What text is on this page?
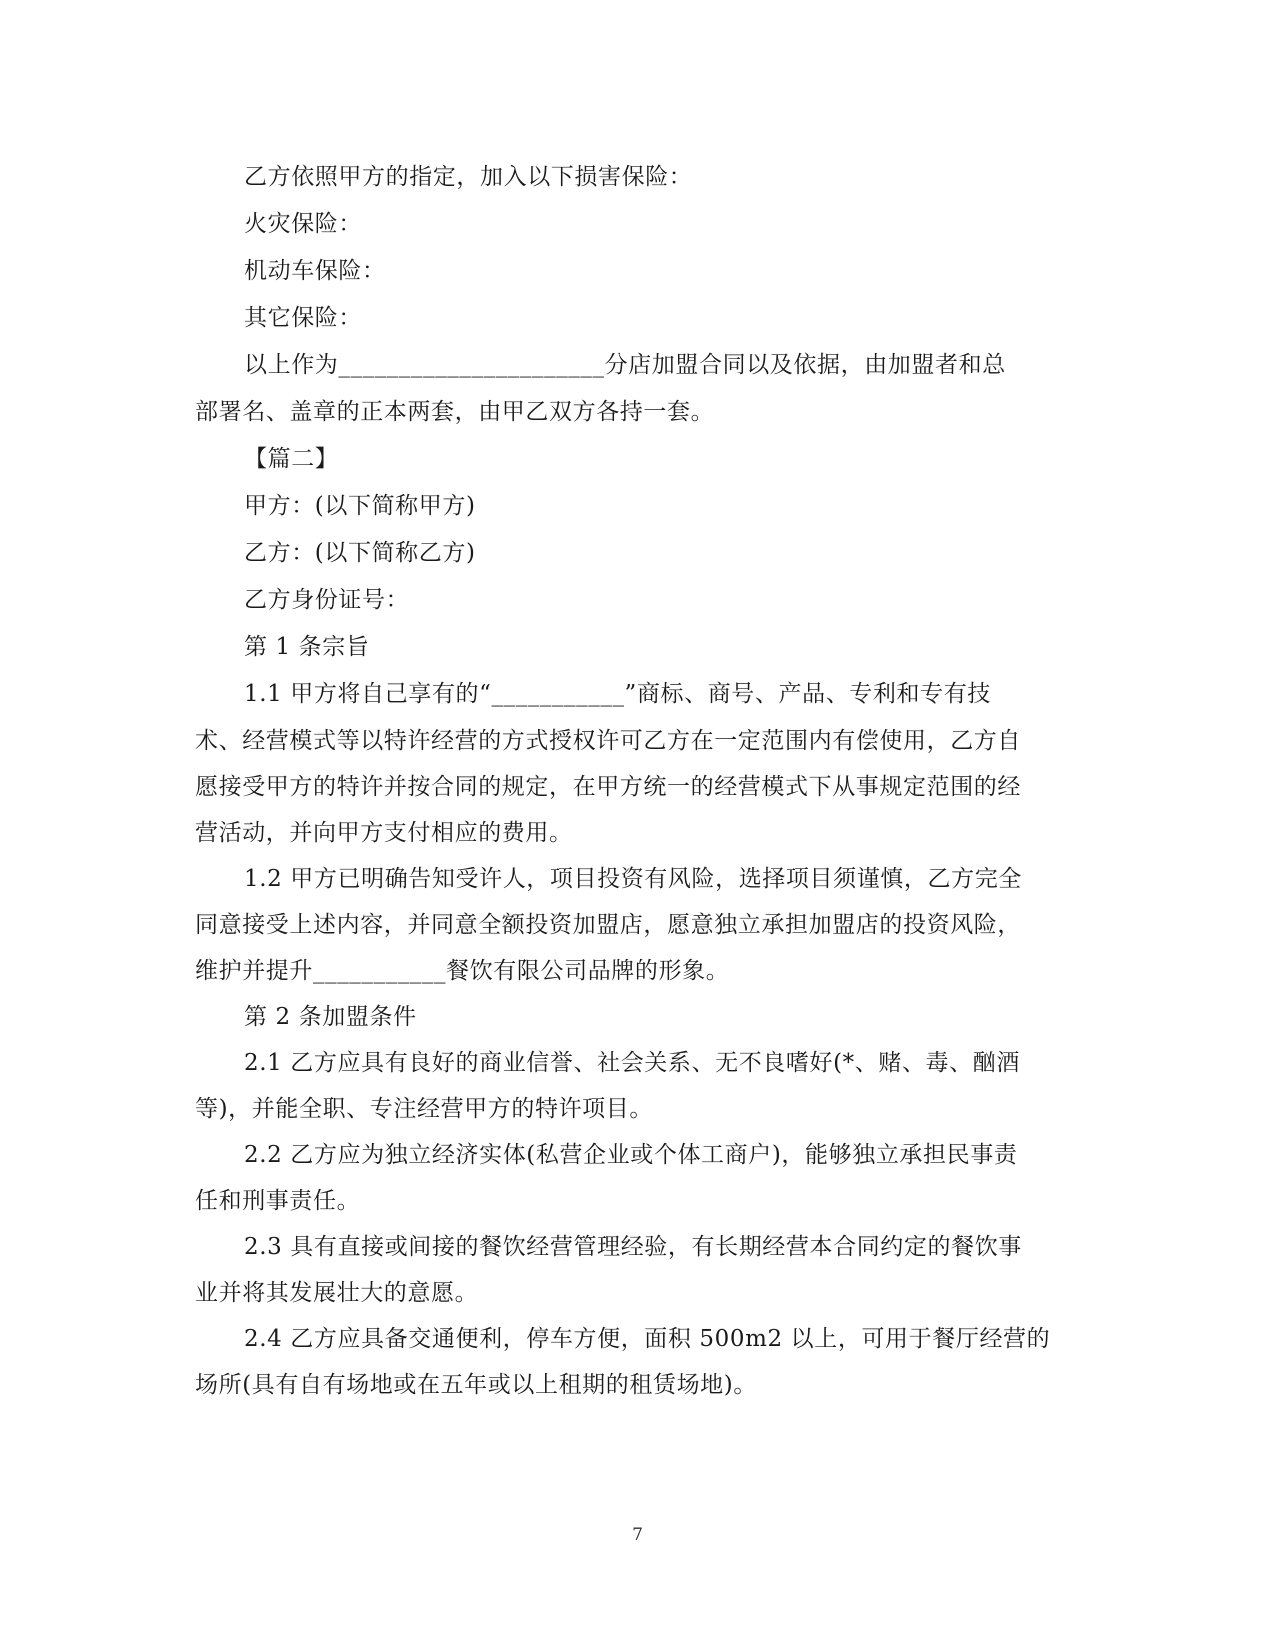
乙方依照甲方的指定，加入以下损害保险：
火灾保险：
机动车保险：
其它保险：
以上作为______________________分店加盟合同以及依据，由加盟者和总
部署名、盖章的正本两套，由甲乙双方各持一套。
【篇二】
甲方：(以下简称甲方)
乙方：(以下简称乙方)
乙方身份证号：
第 1 条宗旨
1.1 甲方将自己享有的“___________”商标、商号、产品、专利和专有技
术、经营模式等以特许经营的方式授权许可乙方在一定范围内有偿使用，乙方自
愿接受甲方的特许并按合同的规定，在甲方统一的经营模式下从事规定范围的经
营活动，并向甲方支付相应的费用。
1.2 甲方已明确告知受许人，项目投资有风险，选择项目须谨慎，乙方完全
同意接受上述内容，并同意全额投资加盟店，愿意独立承担加盟店的投资风险，
维护并提升___________餐饮有限公司品牌的形象。
第 2 条加盟条件
2.1 乙方应具有良好的商业信誉、社会关系、无不良嗜好(*、赌、毒、酗酒
等)，并能全职、专注经营甲方的特许项目。
2.2 乙方应为独立经济实体(私营企业或个体工商户)，能够独立承担民事责
任和刑事责任。
2.3 具有直接或间接的餐饮经营管理经验，有长期经营本合同约定的餐饮事
业并将其发展壮大的意愿。
2.4 乙方应具备交通便利，停车方便，面积 500m2 以上，可用于餐厅经营的
场所(具有自有场地或在五年或以上租期的租赁场地)。
7
